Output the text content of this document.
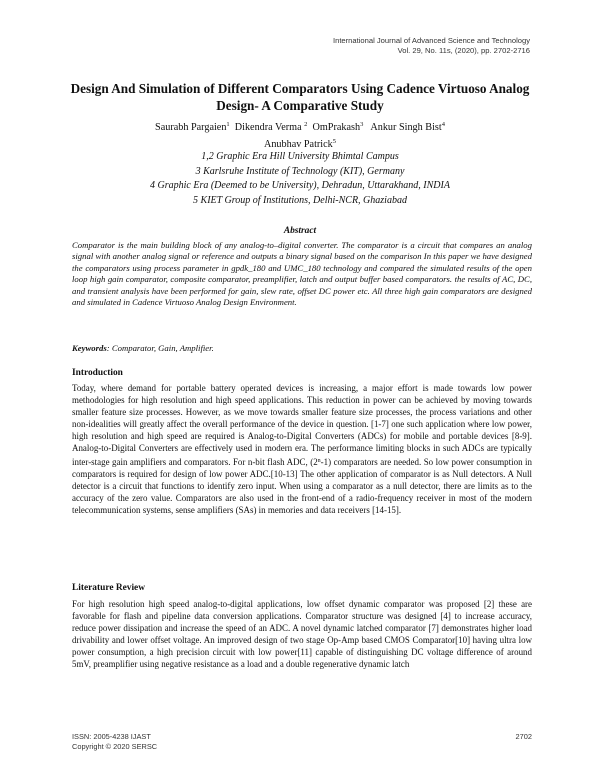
International Journal of Advanced Science and Technology
Vol. 29, No. 11s, (2020), pp. 2702-2716
Design And Simulation of Different Comparators Using Cadence Virtuoso Analog Design- A Comparative Study
Saurabh Pargaien$^1$ Dikendra Verma $^2$ OmPrakash$^3$ Ankur Singh Bist$^4$
Anubhav Patrick$^5$
1,2 Graphic Era Hill University Bhimtal Campus
3 Karlsruhe Institute of Technology (KIT), Germany
4 Graphic Era (Deemed to be University), Dehradun, Uttarakhand, INDIA
5 KIET Group of Institutions, Delhi-NCR, Ghaziabad
Abstract

Comparator is the main building block of any analog-to–digital converter. The comparator is a circuit that compares an analog signal with another analog signal or reference and outputs a binary signal based on the comparison In this paper we have designed the comparators using process parameter in gpdk_180 and UMC_180 technology and compared the simulated results of the open loop high gain comparator, composite comparator, preamplifier, latch and output buffer based comparators. the results of AC, DC, and transient analysis have been performed for gain, slew rate, offset DC power etc. All three high gain comparators are designed and simulated in Cadence Virtuoso Analog Design Environment.

Keywords: Comparator, Gain, Amplifier.
Introduction

Today, where demand for portable battery operated devices is increasing, a major effort is made towards low power methodologies for high resolution and high speed applications. This reduction in power can be achieved by moving towards smaller feature size processes. However, as we move towards smaller feature size processes, the process variations and other non-idealities will greatly affect the overall performance of the device in question. [1-7] one such application where low power, high resolution and high speed are required is Analog-to-Digital Converters (ADCs) for mobile and portable devices [8-9]. Analog-to-Digital Converters are effectively used in modern era. The performance limiting blocks in such ADCs are typically inter-stage gain amplifiers and comparators. For n-bit flash ADC, (2$^n$-1) comparators are needed. So low power consumption in comparators is required for design of low power ADC.[10-13] The other application of comparator is as Null detectors. A Null detector is a circuit that functions to identify zero input. When using a comparator as a null detector, there are limits as to the accuracy of the zero value. Comparators are also used in the front-end of a radio-frequency receiver in most of the modern telecommunication systems, sense amplifiers (SAs) in memories and data receivers [14-15].

Literature Review

For high resolution high speed analog-to-digital applications, low offset dynamic comparator was proposed [2] these are favorable for flash and pipeline data conversion applications. Comparator structure was designed [4] to increase accuracy, reduce power dissipation and increase the speed of an ADC. A novel dynamic latched comparator [7] demonstrates higher load drivability and lower offset voltage. An improved design of two stage Op-Amp based CMOS Comparator[10] having ultra low power consumption, a high precision circuit with low power[11] capable of distinguishing DC voltage difference of around 5mV, preamplifier using negative resistance as a load and a double regenerative dynamic latch

ISSN: 2005-4238 IJAST
Copyright © 2020 SERSC
2702
